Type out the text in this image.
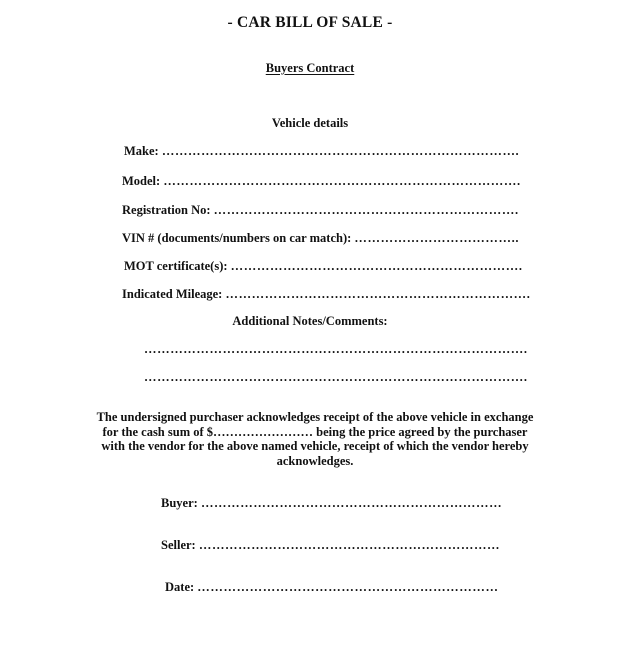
- CAR BILL OF SALE -
Buyers Contract
Vehicle details
Make: ……………………………………………………………………….
Model: ……………………………………………………………………….
Registration No: …………………………………………………………….
VIN # (documents/numbers on car match): ………………………………..
MOT certificate(s): ………………………………………………………….
Indicated Mileage: …………………………………………………………….
Additional Notes/Comments:
…………………………………………………………………………….
…………………………………………………………………………….
The undersigned purchaser acknowledges receipt of the above vehicle in exchange for the cash sum of $…………………… being the price agreed by the purchaser with the vendor for the above named vehicle, receipt of which the vendor hereby acknowledges.
Buyer: ……………………………………………………………
Seller: ……………………………………………………………
Date: ……………………………………………………………
